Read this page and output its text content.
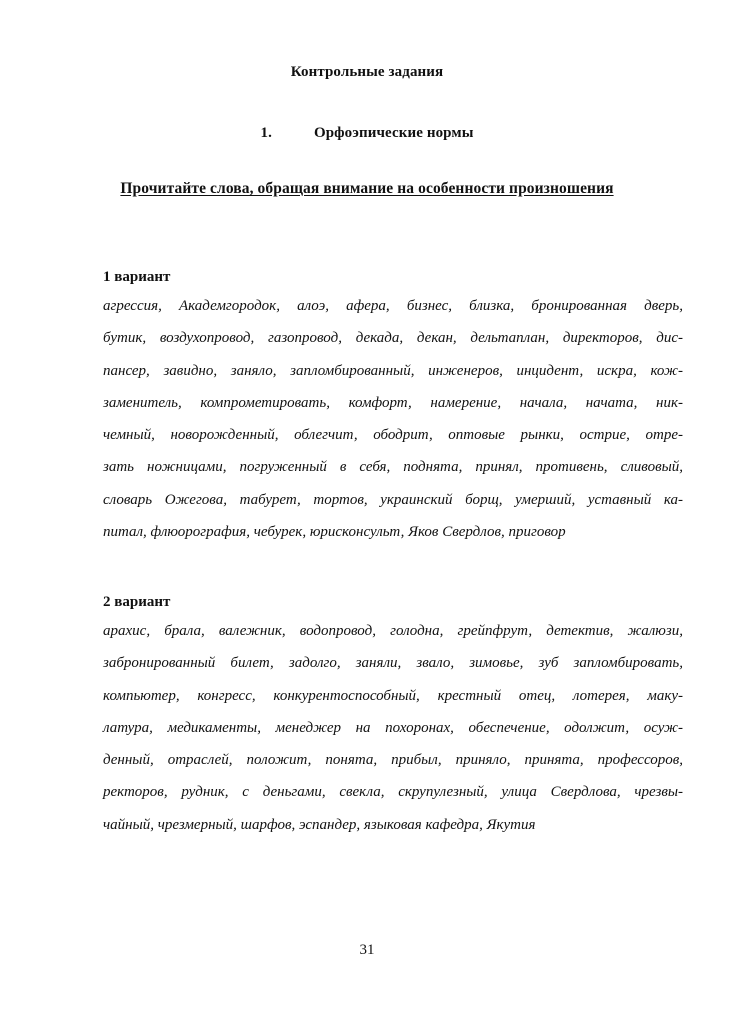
Контрольные задания
1.	Орфоэпические нормы
Прочитайте слова, обращая внимание на особенности произношения
1 вариант

агрессия, Академгородок, алоэ, афера, бизнес, близка, бронированная дверь,
бутик, воздухопровод, газопровод, декада, декан, дельтаплан, директоров, дис-
пансер, завидно, заняло, запломбированный, инженеров, инцидент, искра, кож-
заменитель, компрометировать, комфорт, намерение, начала, начата, ник-
чемный, новорожденный, облегчит, ободрит, оптовые рынки, острие, отре-
зать ножницами, погруженный в себя, поднята, принял, противень, сливовый,
словарь Ожегова, табурет, тортов, украинский борщ, умерший, уставный ка-
питал, флюорография, чебурек, юрисконсульт, Яков Свердлов, приговор

2 вариант

арахис, брала, валежник, водопровод, голодна, грейпфрут, детектив, жалюзи,
забронированный билет, задолго, заняли, звало, зимовье, зуб запломбировать,
компьютер, конгресс, конкурентоспособный, крестный отец, лотерея, маку-
латура, медикаменты, менеджер на похоронах, обеспечение, одолжит, осуж-
денный, отраслей, положит, понята, прибыл, приняло, принята, профессоров,
ректоров, рудник, с деньгами, свекла, скрупулезный, улица Свердлова, чрезвы-
чайный, чрезмерный, шарфов, эспандер, языковая кафедра, Якутия

31
